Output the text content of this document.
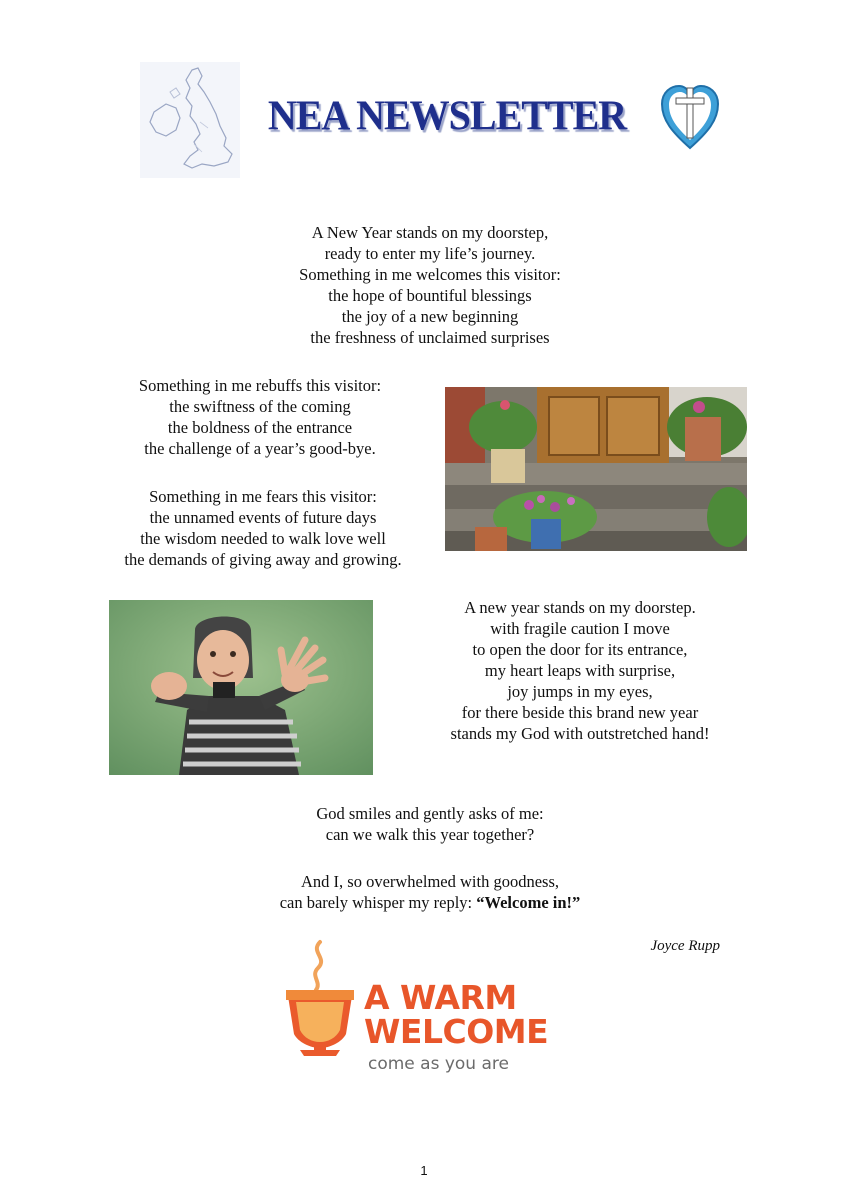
NEA NEWSLETTER
A New Year stands on my doorstep,
ready to enter my life’s journey.
Something in me welcomes this visitor:
the hope of bountiful blessings
the joy of a new beginning
the freshness of unclaimed surprises
Something in me rebuffs this visitor:
the swiftness of the coming
the boldness of the entrance
the challenge of a year’s good-bye.
Something in me fears this visitor:
the unnamed events of future days
the wisdom needed to walk love well
the demands of giving away and growing.
A new year stands on my doorstep.
with fragile caution I move
to open the door for its entrance,
my heart leaps with surprise,
joy jumps in my eyes,
for there beside this brand new year
stands my God with outstretched hand!
God smiles and gently asks of me:
can we walk this year together?
And I, so overwhelmed with goodness,
can barely whisper my reply: “Welcome in!”
Joyce Rupp
A WARM
WELCOME
come as you are
1
